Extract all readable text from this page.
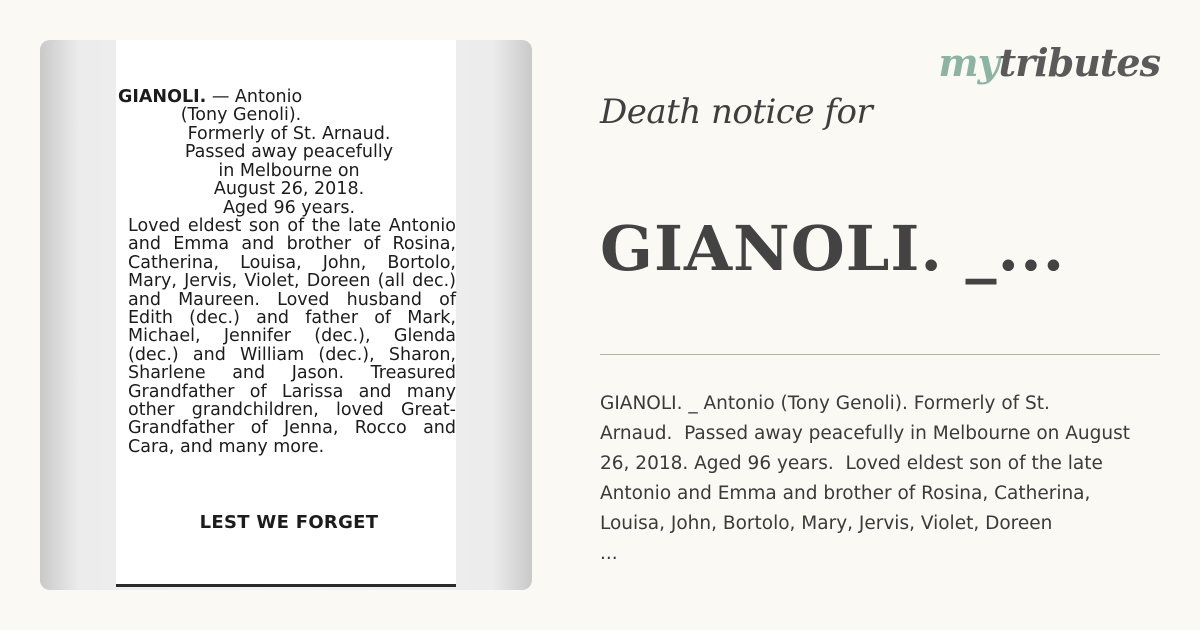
GIANOLI. — Antonio
(Tony Genoli).
Formerly of St. Arnaud.
Passed away peacefully
in Melbourne on
August 26, 2018.
Aged 96 years.
Loved eldest son of the late Antonio and Emma and brother of Rosina, Catherina, Louisa, John, Bortolo, Mary, Jervis, Violet, Doreen (all dec.) and Maureen. Loved husband of Edith (dec.) and father of Mark, Michael, Jennifer (dec.), Glenda (dec.) and William (dec.), Sharon, Sharlene and Jason. Treasured Grandfather of Larissa and many other grandchildren, loved Great-Grandfather of Jenna, Rocco and Cara, and many more.
LEST WE FORGET
mytributes
Death notice for
GIANOLI. _...

GIANOLI. _ Antonio (Tony Genoli). Formerly of St.

Arnaud.  Passed away peacefully in Melbourne on August

26, 2018. Aged 96 years.  Loved eldest son of the late

Antonio and Emma and brother of Rosina, Catherina,

Louisa, John, Bortolo, Mary, Jervis, Violet, Doreen

...
